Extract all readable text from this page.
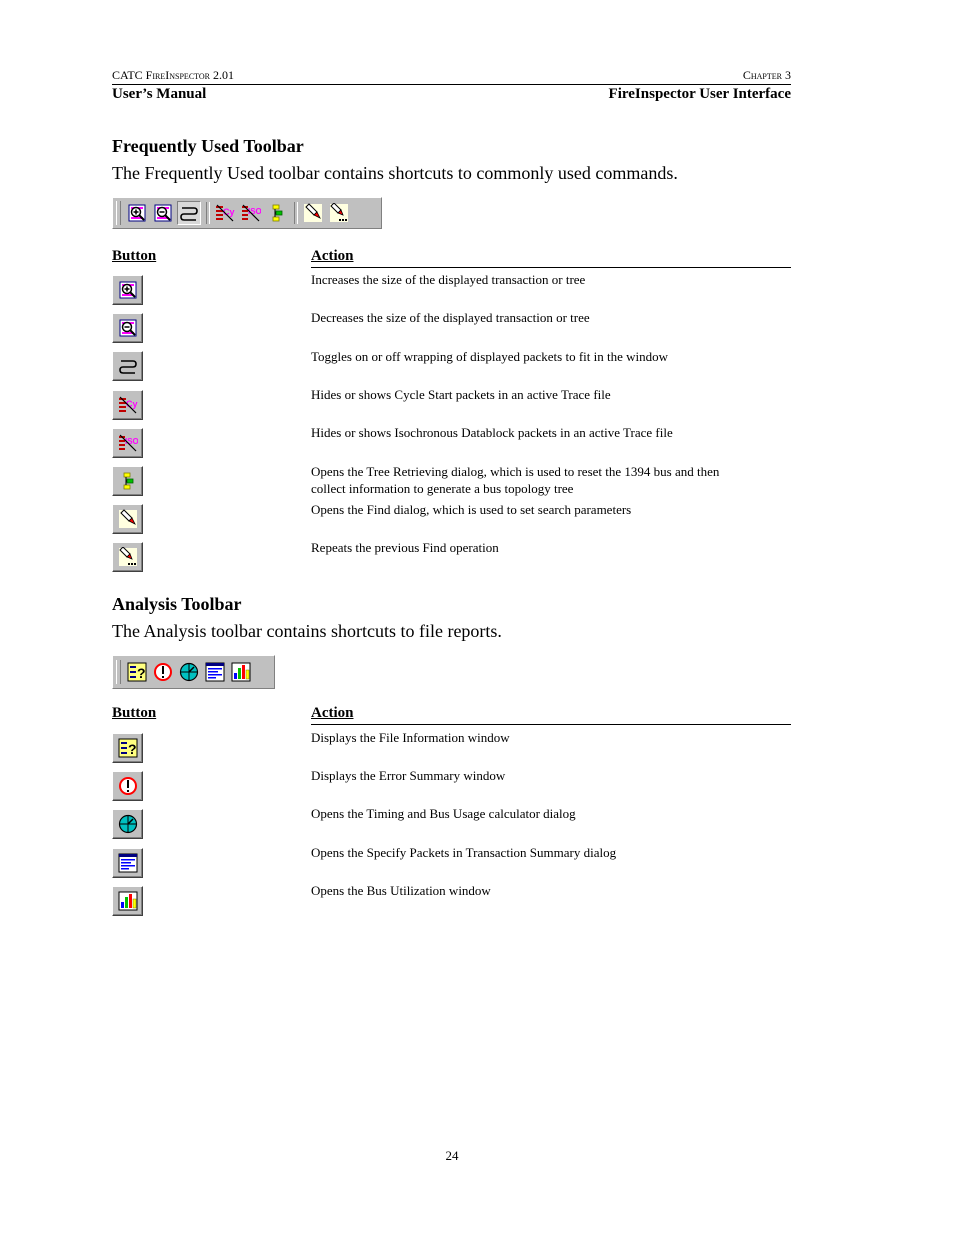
CATC FireInspector 2.01	Chapter 3
User’s Manual	FireInspector User Interface
Frequently Used Toolbar
The Frequently Used toolbar contains shortcuts to commonly used commands.
Button	Action
Increases the size of the displayed transaction or tree
Decreases the size of the displayed transaction or tree
Toggles on or off wrapping of displayed packets to fit in the window
Hides or shows Cycle Start packets in an active Trace file
Hides or shows Isochronous Datablock packets in an active Trace file
Opens the Tree Retrieving dialog, which is used to reset the 1394 bus and then collect information to generate a bus topology tree
Opens the Find dialog, which is used to set search parameters
Repeats the previous Find operation
Analysis Toolbar
The Analysis toolbar contains shortcuts to file reports.
Button	Action
Displays the File Information window
Displays the Error Summary window
Opens the Timing and Bus Usage calculator dialog
Opens the Specify Packets in Transaction Summary dialog
Opens the Bus Utilization window
24
